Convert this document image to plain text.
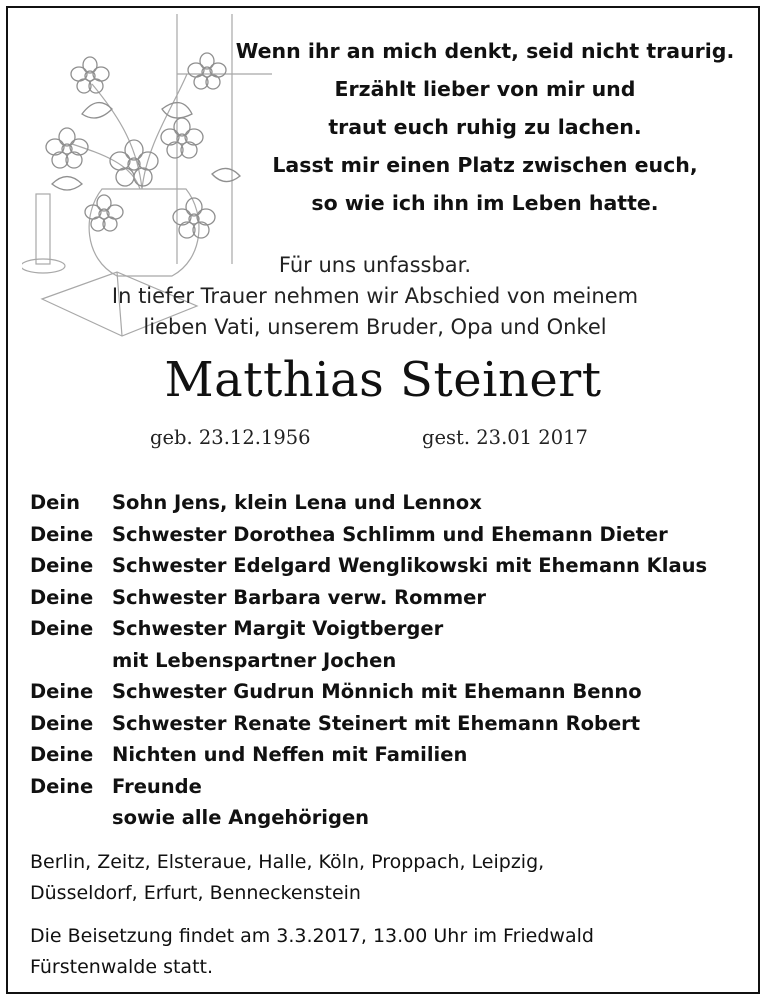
Wenn ihr an mich denkt, seid nicht traurig.
Erzählt lieber von mir und
traut euch ruhig zu lachen.
Lasst mir einen Platz zwischen euch,
so wie ich ihn im Leben hatte.
Für uns unfassbar.
In tiefer Trauer nehmen wir Abschied von meinem
lieben Vati, unserem Bruder, Opa und Onkel
Matthias Steinert
geb. 23.12.1956	gest. 23.01 2017
Dein	Sohn Jens, klein Lena und Lennox
Deine Schwester Dorothea Schlimm und Ehemann Dieter
Deine Schwester Edelgard Wenglikowski mit Ehemann Klaus
Deine Schwester Barbara verw. Rommer
Deine Schwester Margit Voigtberger
mit Lebenspartner Jochen
Deine Schwester Gudrun Mönnich mit Ehemann Benno
Deine Schwester Renate Steinert mit Ehemann Robert
Deine Nichten und Neffen mit Familien
Deine Freunde
sowie alle Angehörigen
Berlin, Zeitz, Elsteraue, Halle, Köln, Proppach, Leipzig,
Düsseldorf, Erfurt, Benneckenstein
Die Beisetzung findet am 3.3.2017, 13.00 Uhr im Friedwald
Fürstenwalde statt.
